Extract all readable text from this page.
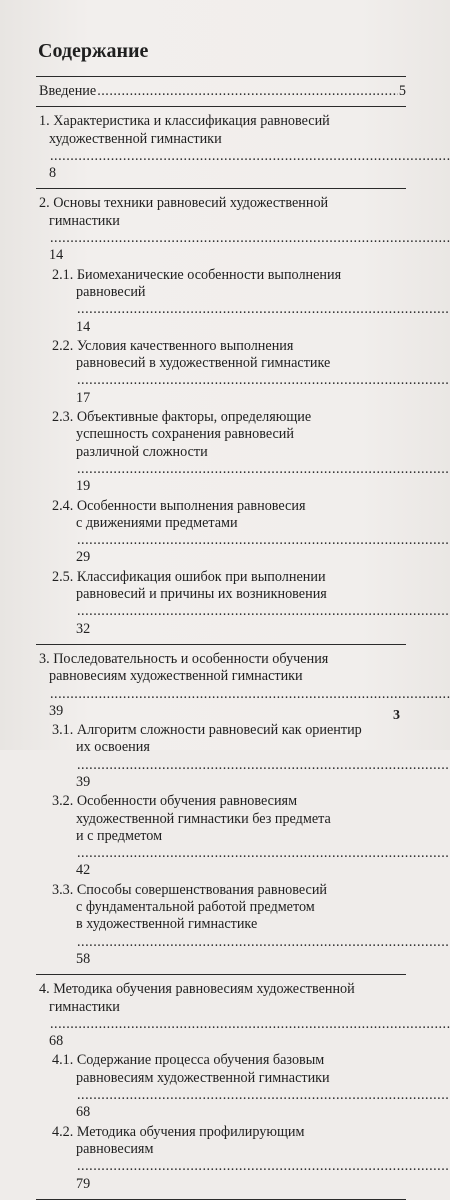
Содержание
Введение .....	5
1. Характеристика и классификация равновесий
художественной гимнастики ..... 8
2. Основы техники равновесий художественной
гимнастики ..... 14
2.1. Биомеханические особенности выполнения
равновесий ..... 14
2.2. Условия качественного выполнения
равновесий в художественной гимнастике ..... 17
2.3. Объективные факторы, определяющие
успешность сохранения равновесий
различной сложности ..... 19
2.4. Особенности выполнения равновесия
с движениями предметами ..... 29
2.5. Классификация ошибок при выполнении
равновесий и причины их возникновения ..... 32
3. Последовательность и особенности обучения
равновесиям художественной гимнастики ..... 39
3.1. Алгоритм сложности равновесий как ориентир
их освоения ..... 39
3.2. Особенности обучения равновесиям
художественной гимнастики без предмета
и с предметом ..... 42
3.3. Способы совершенствования равновесий
с фундаментальной работой предметом
в художественной гимнастике ..... 58
4. Методика обучения равновесиям художественной
гимнастики ..... 68
4.1. Содержание процесса обучения базовым
равновесиям художественной гимнастики ..... 68
4.2. Методика обучения профилирующим
равновесиям ..... 79
3
